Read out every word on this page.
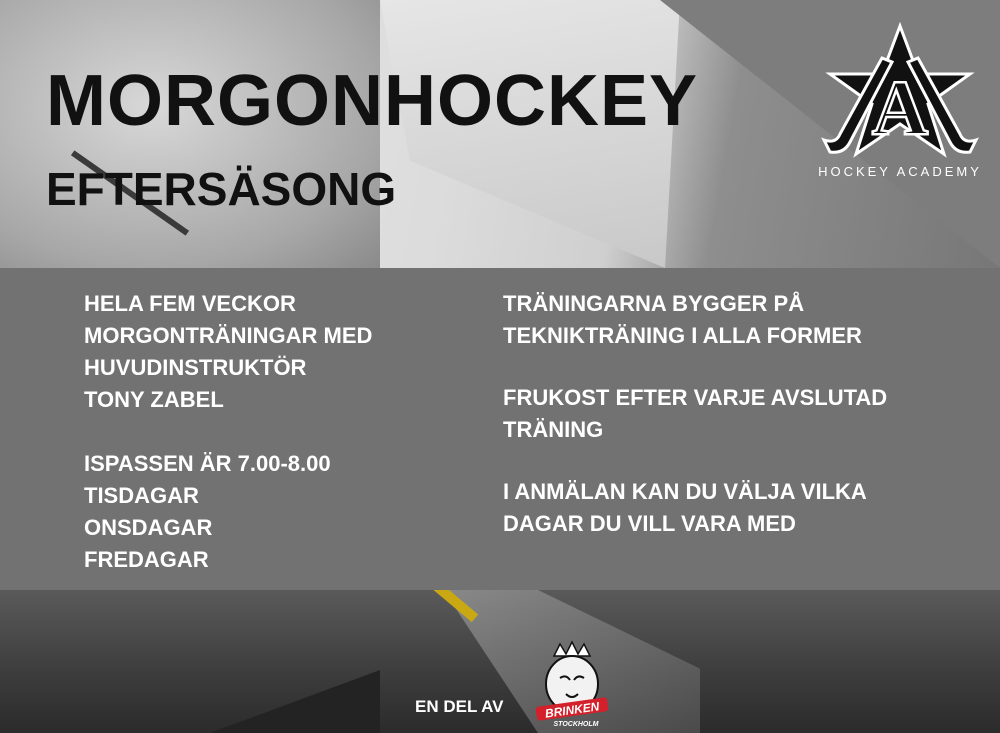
MORGONHOCKEY
EFTERSÄSONG
A
HOCKEY ACADEMY
HELA FEM VECKOR
MORGONTRÄNINGAR MED
HUVUDINSTRUKTÖR
TONY ZABEL
ISPASSEN ÄR 7.00-8.00
TISDAGAR
ONSDAGAR
FREDAGAR
TRÄNINGARNA BYGGER PÅ
TEKNIKTRÄNING I ALLA FORMER
FRUKOST EFTER VARJE AVSLUTAD
TRÄNING
I ANMÄLAN KAN DU VÄLJA VILKA
DAGAR DU VILL VARA MED
EN DEL AV	BRINKEN
STOCKHOLM
